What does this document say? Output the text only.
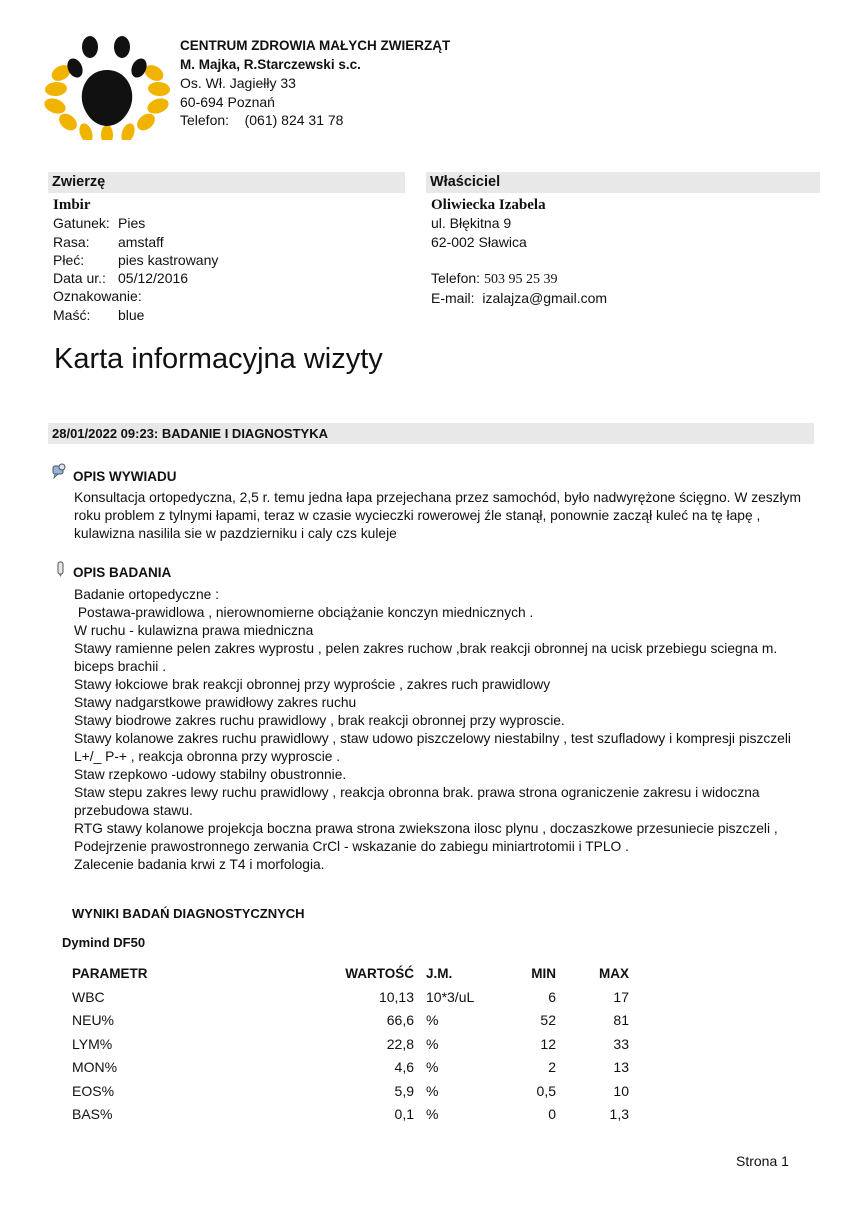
CENTRUM ZDROWIA MAŁYCH ZWIERZĄT
M. Majka, R.Starczewski s.c.
Os. Wł. Jagiełły 33
60-694 Poznań
Telefon: (061) 824 31 78
Zwierzę	Właściciel
Imbir
Gatunek: Pies
Rasa:	amstaff
Płeć:	pies kastrowany
Data ur.: 05/12/2016
Oznakowanie:
Maść:	blue
Oliwiecka Izabela
ul. Błękitna 9
62-002 Sławica
Telefon: 503 95 25 39
E-mail: izalajza@gmail.com
Karta informacyjna wizyty
28/01/2022 09:23: BADANIE I DIAGNOSTYKA
OPIS WYWIADU
Konsultacja ortopedyczna, 2,5 r. temu jedna łapa przejechana przez samochód, było nadwyrężone ścięgno. W zeszłym roku problem z tylnymi łapami, teraz w czasie wycieczki rowerowej źle stanął, ponownie zaczął kuleć na tę łapę , kulawizna nasilila sie w pazdzierniku i caly czs kuleje
OPIS BADANIA
Badanie ortopedyczne :
Postawa-prawidlowa , nierownomierne obciążanie konczyn miednicznych .
W ruchu - kulawizna prawa miedniczna
Stawy ramienne pelen zakres wyprostu , pelen zakres ruchow ,brak reakcji obronnej na ucisk przebiegu sciegna m. biceps brachii .
Stawy łokciowe brak reakcji obronnej przy wyproście , zakres ruch prawidlowy
Stawy nadgarstkowe prawidłowy zakres ruchu
Stawy biodrowe zakres ruchu prawidlowy , brak reakcji obronnej przy wyproscie.
Stawy kolanowe zakres ruchu prawidlowy , staw udowo piszczelowy niestabilny , test szufladowy i kompresji piszczeli L+/_ P-+ , reakcja obronna przy wyproscie .
Staw rzepkowo -udowy stabilny obustronnie.
Staw stepu zakres lewy ruchu prawidlowy , reakcja obronna brak. prawa strona ograniczenie zakresu i widoczna przebudowa stawu.
RTG stawy kolanowe projekcja boczna prawa strona zwiekszona ilosc plynu , doczaszkowe przesuniecie piszczeli ,
Podejrzenie prawostronnego zerwania CrCl - wskazanie do zabiegu miniartrotomii i TPLO .
Zalecenie badania krwi z T4 i morfologia.
WYNIKI BADAŃ DIAGNOSTYCZNYCH
Dymind DF50
PARAMETR	WARTOŚĆ	J.M.	MIN	MAX
WBC	10,13	10*3/uL	6	17
NEU%	66,6	%	52	81
LYM%	22,8	%	12	33
MON%	4,6	%	2	13
EOS%	5,9	%	0,5	10
BAS%	0,1	%	0	1,3
Strona 1
